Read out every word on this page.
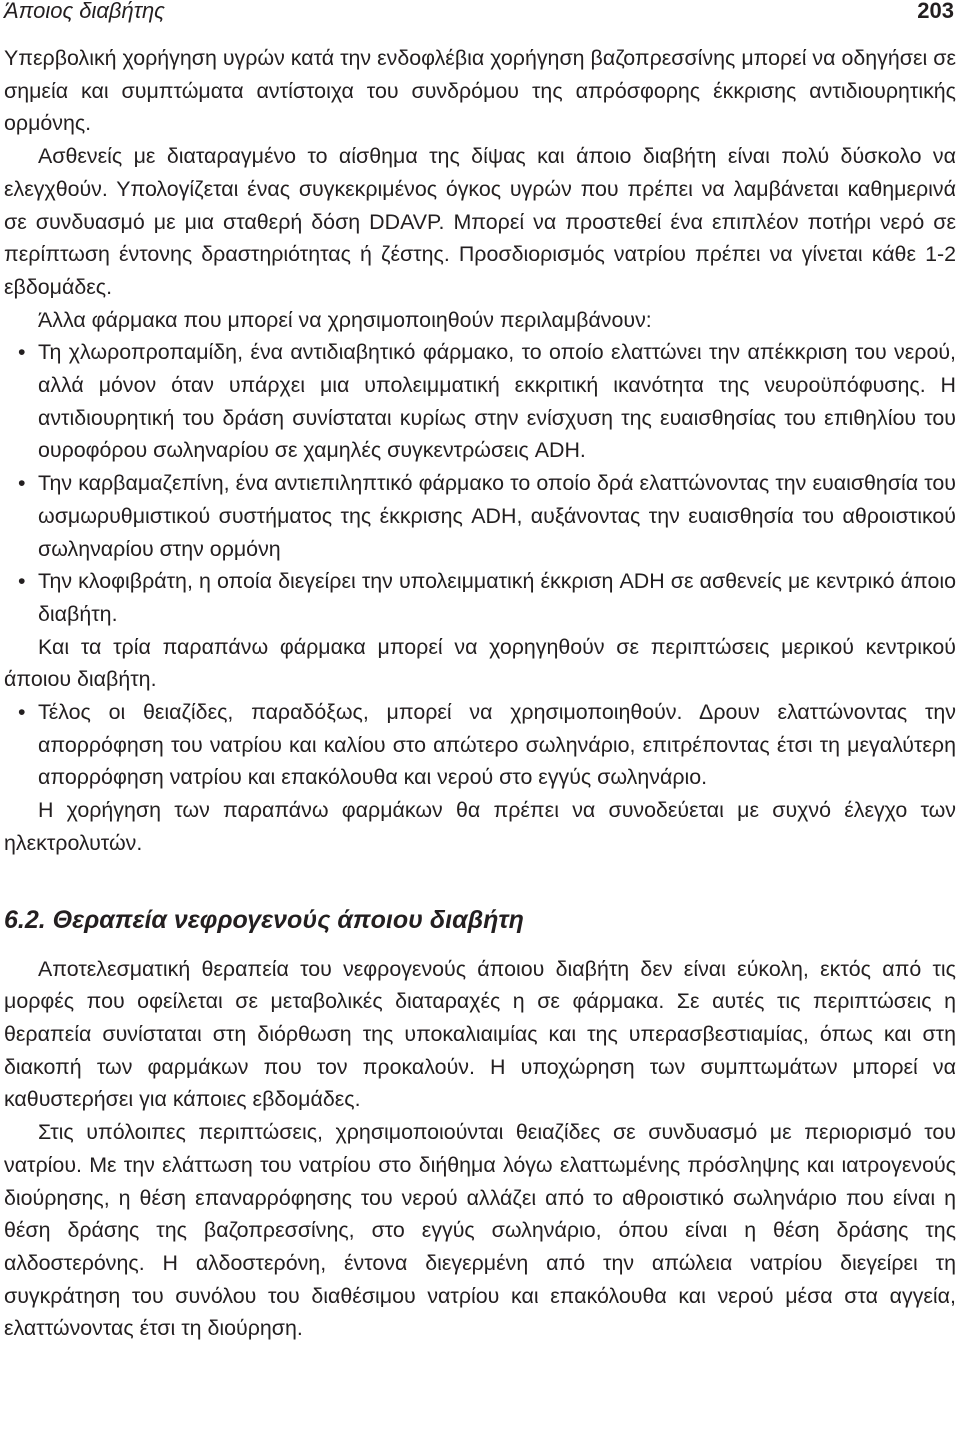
Άποιος διαβήτης	203

Υπερβολική χορήγηση υγρών κατά την ενδοφλέβια χορήγηση βαζοπρεσσίνης μπορεί να οδηγήσει σε σημεία και συμπτώματα αντίστοιχα του συνδρόμου της απρόσφορης έκκρισης αντιδιουρητικής ορμόνης.

Ασθενείς με διαταραγμένο το αίσθημα της δίψας και άποιο διαβήτη είναι πολύ δύσκολο να ελεγχθούν. Υπολογίζεται ένας συγκεκριμένος όγκος υγρών που πρέπει να λαμβάνεται καθημερινά σε συνδυασμό με μια σταθερή δόση DDAVP. Μπορεί να προστεθεί ένα επιπλέον ποτήρι νερό σε περίπτωση έντονης δραστηριότητας ή ζέστης. Προσδιορισμός νατρίου πρέπει να γίνεται κάθε 1-2 εβδομάδες.

Άλλα φάρμακα που μπορεί να χρησιμοποιηθούν περιλαμβάνουν:

• Τη χλωροπροπαμίδη, ένα αντιδιαβητικό φάρμακο, το οποίο ελαττώνει την απέκκριση του νερού, αλλά μόνον όταν υπάρχει μια υπολειμματική εκκριτική ικανότητα της νευροϋπόφυσης. Η αντιδιουρητική του δράση συνίσταται κυρίως στην ενίσχυση της ευαισθησίας του επιθηλίου του ουροφόρου σωληναρίου σε χαμηλές συγκεντρώσεις ADH.
• Την καρβαμαζεπίνη, ένα αντιεπιληπτικό φάρμακο το οποίο δρά ελαττώνοντας την ευαισθησία του ωσμωρυθμιστικού συστήματος της έκκρισης ADH, αυξάνοντας την ευαισθησία του αθροιστικού σωληναρίου στην ορμόνη
• Την κλοφιβράτη, η οποία διεγείρει την υπολειμματική έκκριση ADH σε ασθενείς με κεντρικό άποιο διαβήτη.

Και τα τρία παραπάνω φάρμακα μπορεί να χορηγηθούν σε περιπτώσεις μερικού κεντρικού άποιου διαβήτη.

• Τέλος οι θειαζίδες, παραδόξως, μπορεί να χρησιμοποιηθούν. Δρουν ελαττώνοντας την απορρόφηση του νατρίου και καλίου στο απώτερο σωληνάριο, επιτρέποντας έτσι τη μεγαλύτερη απορρόφηση νατρίου και επακόλουθα και νερού στο εγγύς σωληνάριο.

Η χορήγηση των παραπάνω φαρμάκων θα πρέπει να συνοδεύεται με συχνό έλεγχο των ηλεκτρολυτών.

6.2. Θεραπεία νεφρογενούς άποιου διαβήτη

Αποτελεσματική θεραπεία του νεφρογενούς άποιου διαβήτη δεν είναι εύκολη, εκτός από τις μορφές που οφείλεται σε μεταβολικές διαταραχές η σε φάρμακα. Σε αυτές τις περιπτώσεις η θεραπεία συνίσταται στη διόρθωση της υποκαλιαιμίας και της υπερασβεστιαμίας, όπως και στη διακοπή των φαρμάκων που τον προκαλούν. Η υποχώρηση των συμπτωμάτων μπορεί να καθυστερήσει για κάποιες εβδομάδες.

Στις υπόλοιπες περιπτώσεις, χρησιμοποιούνται θειαζίδες σε συνδυασμό με περιορισμό του νατρίου. Με την ελάττωση του νατρίου στο διήθημα λόγω ελαττωμένης πρόσληψης και ιατρογενούς διούρησης, η θέση επαναρρόφησης του νερού αλλάζει από το αθροιστικό σωληνάριο που είναι η θέση δράσης της βαζοπρεσσίνης, στο εγγύς σωληνάριο, όπου είναι η θέση δράσης της αλδοστερόνης. Η αλδοστερόνη, έντονα διεγερμένη από την απώλεια νατρίου διεγείρει τη συγκράτηση του συνόλου του διαθέσιμου νατρίου και επακόλουθα και νερού μέσα στα αγγεία, ελαττώνοντας έτσι τη διούρηση.
